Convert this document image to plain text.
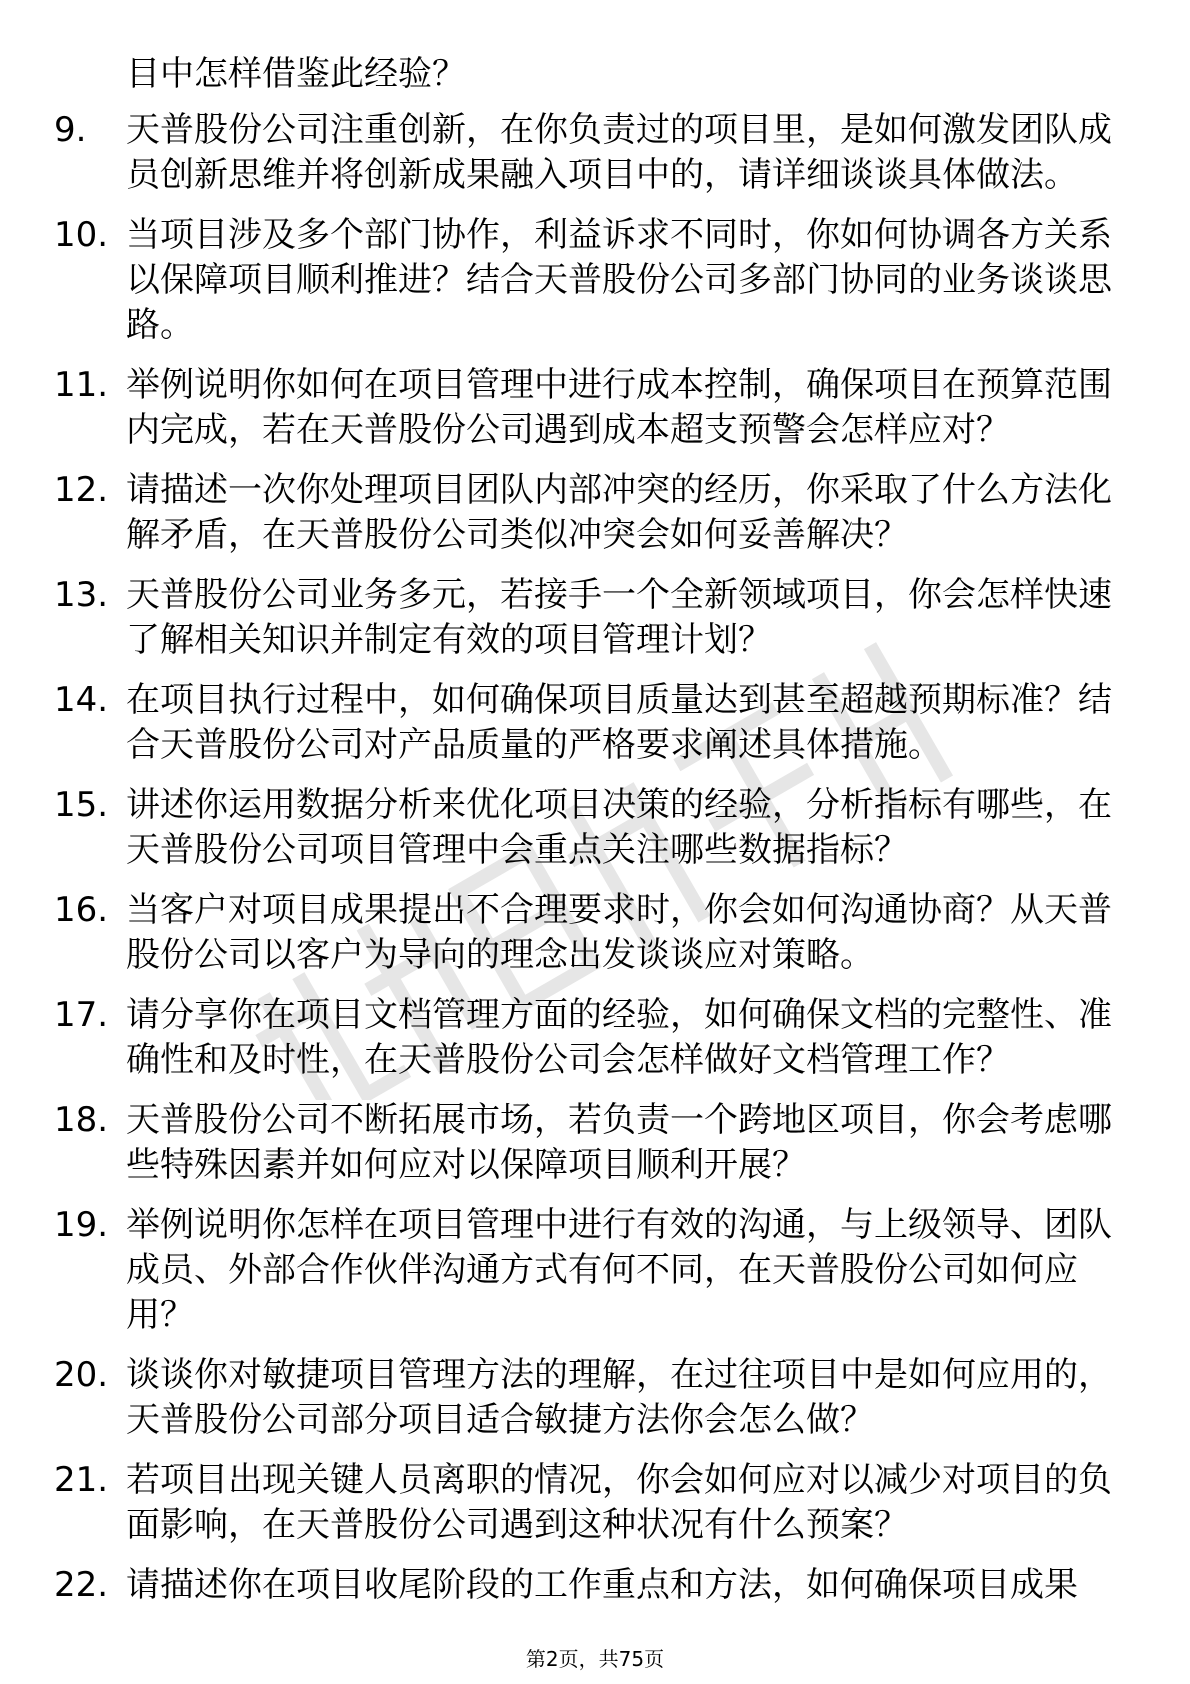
目中怎样借鉴此经验？
9.	天普股份公司注重创新，在你负责过的项目里，是如何激发团队成员创新思维并将创新成果融入项目中的，请详细谈谈具体做法。
10. 当项目涉及多个部门协作，利益诉求不同时，你如何协调各方关系以保障项目顺利推进？结合天普股份公司多部门协同的业务谈谈思路。
11. 举例说明你如何在项目管理中进行成本控制，确保项目在预算范围内完成，若在天普股份公司遇到成本超支预警会怎样应对？
12. 请描述一次你处理项目团队内部冲突的经历，你采取了什么方法化解矛盾，在天普股份公司类似冲突会如何妥善解决？
13. 天普股份公司业务多元，若接手一个全新领域项目，你会怎样快速了解相关知识并制定有效的项目管理计划？
14. 在项目执行过程中，如何确保项目质量达到甚至超越预期标准？结合天普股份公司对产品质量的严格要求阐述具体措施。
15. 讲述你运用数据分析来优化项目决策的经验，分析指标有哪些，在天普股份公司项目管理中会重点关注哪些数据指标？
16. 当客户对项目成果提出不合理要求时，你会如何沟通协商？从天普股份公司以客户为导向的理念出发谈谈应对策略。
17. 请分享你在项目文档管理方面的经验，如何确保文档的完整性、准确性和及时性，在天普股份公司会怎样做好文档管理工作？
18. 天普股份公司不断拓展市场，若负责一个跨地区项目，你会考虑哪些特殊因素并如何应对以保障项目顺利开展？
19. 举例说明你怎样在项目管理中进行有效的沟通，与上级领导、团队成员、外部合作伙伴沟通方式有何不同，在天普股份公司如何应用？
20. 谈谈你对敏捷项目管理方法的理解，在过往项目中是如何应用的，天普股份公司部分项目适合敏捷方法你会怎么做？
21. 若项目出现关键人员离职的情况，你会如何应对以减少对项目的负面影响，在天普股份公司遇到这种状况有什么预案？
22. 请描述你在项目收尾阶段的工作重点和方法，如何确保项目成果
第2页，共75页
